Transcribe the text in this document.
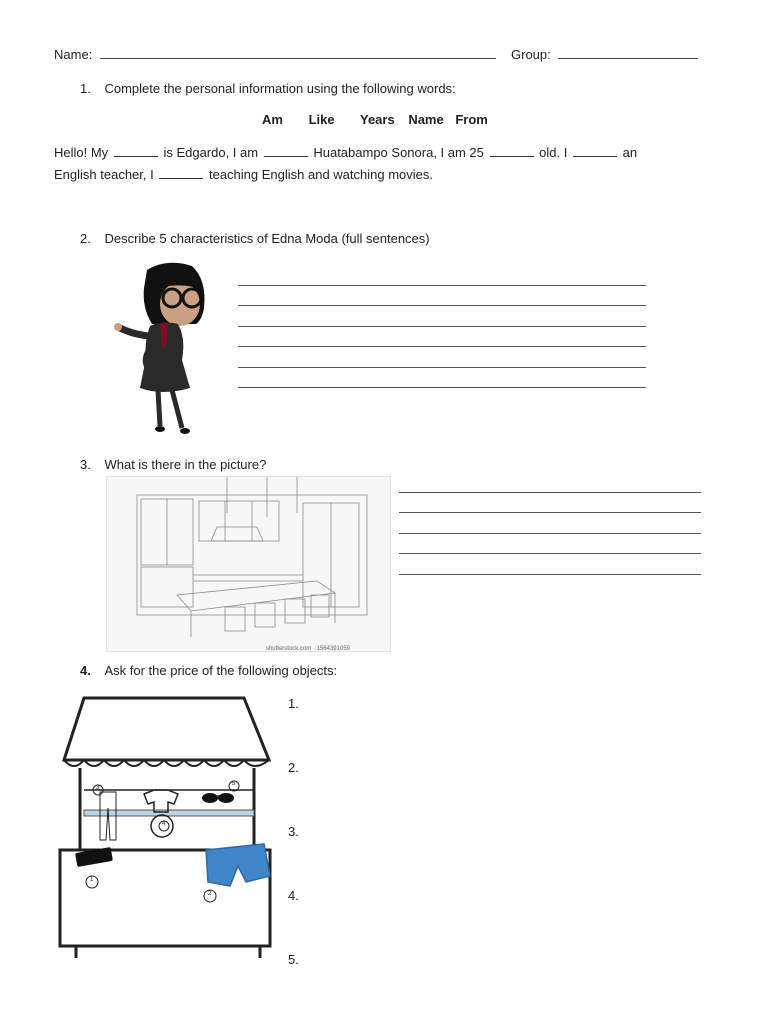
Name:	Group:
1. Complete the personal information using the following words:
Am Like Years Name From
Hello! My	is Edgardo, I am	Huatabampo Sonora, I am 25	old. I	an
English teacher, I	teaching English and watching movies.
2. Describe 5 characteristics of Edna Moda (full sentences)
3. What is there in the picture?
shutterstock.com · 1564391059
4. Ask for the price of the following objects:
1
2
3
4
5
1.
2.
3.
4.
5.
